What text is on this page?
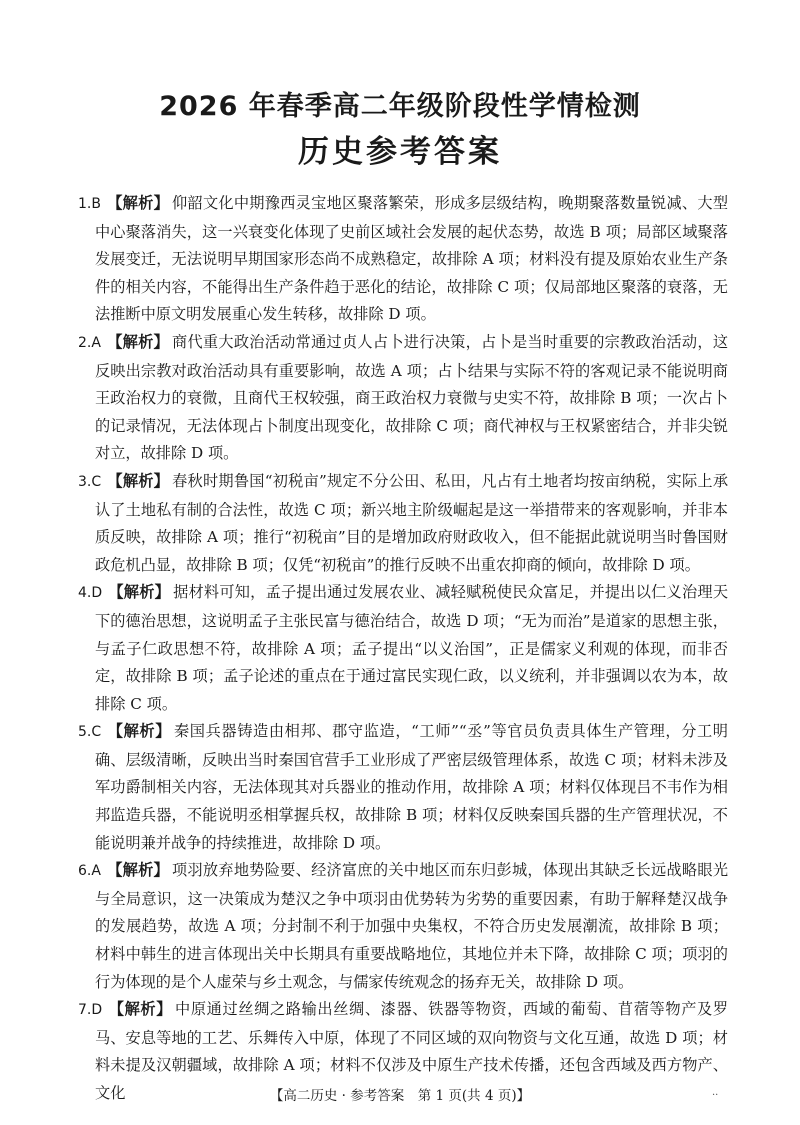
2026 年春季高二年级阶段性学情检测
历史参考答案

1.B 【解析】 仰韶文化中期豫西灵宝地区聚落繁荣，形成多层级结构，晚期聚落数量锐减、大型中心聚落消失，这一兴衰变化体现了史前区域社会发展的起伏态势，故选 B 项；局部区域聚落发展变迁，无法说明早期国家形态尚不成熟稳定，故排除 A 项；材料没有提及原始农业生产条件的相关内容，不能得出生产条件趋于恶化的结论，故排除 C 项；仅局部地区聚落的衰落，无法推断中原文明发展重心发生转移，故排除 D 项。

2.A 【解析】 商代重大政治活动常通过贞人占卜进行决策，占卜是当时重要的宗教政治活动，这反映出宗教对政治活动具有重要影响，故选 A 项；占卜结果与实际不符的客观记录不能说明商王政治权力的衰微，且商代王权较强，商王政治权力衰微与史实不符，故排除 B 项；一次占卜的记录情况，无法体现占卜制度出现变化，故排除 C 项；商代神权与王权紧密结合，并非尖锐对立，故排除 D 项。

3.C 【解析】 春秋时期鲁国“初税亩”规定不分公田、私田，凡占有土地者均按亩纳税，实际上承认了土地私有制的合法性，故选 C 项；新兴地主阶级崛起是这一举措带来的客观影响，并非本质反映，故排除 A 项；推行“初税亩”目的是增加政府财政收入，但不能据此就说明当时鲁国财政危机凸显，故排除 B 项；仅凭“初税亩”的推行反映不出重农抑商的倾向，故排除 D 项。

4.D 【解析】 据材料可知，孟子提出通过发展农业、减轻赋税使民众富足，并提出以仁义治理天下的德治思想，这说明孟子主张民富与德治结合，故选 D 项；“无为而治”是道家的思想主张，与孟子仁政思想不符，故排除 A 项；孟子提出“以义治国”，正是儒家义利观的体现，而非否定，故排除 B 项；孟子论述的重点在于通过富民实现仁政，以义统利，并非强调以农为本，故排除 C 项。

5.C 【解析】 秦国兵器铸造由相邦、郡守监造，“工师”“丞”等官员负责具体生产管理，分工明确、层级清晰，反映出当时秦国官营手工业形成了严密层级管理体系，故选 C 项；材料未涉及军功爵制相关内容，无法体现其对兵器业的推动作用，故排除 A 项；材料仅体现吕不韦作为相邦监造兵器，不能说明丞相掌握兵权，故排除 B 项；材料仅反映秦国兵器的生产管理状况，不能说明兼并战争的持续推进，故排除 D 项。

6.A 【解析】 项羽放弃地势险要、经济富庶的关中地区而东归彭城，体现出其缺乏长远战略眼光与全局意识，这一决策成为楚汉之争中项羽由优势转为劣势的重要因素，有助于解释楚汉战争的发展趋势，故选 A 项；分封制不利于加强中央集权，不符合历史发展潮流，故排除 B 项；材料中韩生的进言体现出关中长期具有重要战略地位，其地位并未下降，故排除 C 项；项羽的行为体现的是个人虚荣与乡土观念，与儒家传统观念的扬弃无关，故排除 D 项。

7.D 【解析】 中原通过丝绸之路输出丝绸、漆器、铁器等物资，西域的葡萄、苜蓿等物产及罗马、安息等地的工艺、乐舞传入中原，体现了不同区域的双向物资与文化互通，故选 D 项；材料未提及汉朝疆域，故排除 A 项；材料不仅涉及中原生产技术传播，还包含西域及西方物产、文化	【高二历史 · 参考答案　第 1 页(共 4 页)】	··
